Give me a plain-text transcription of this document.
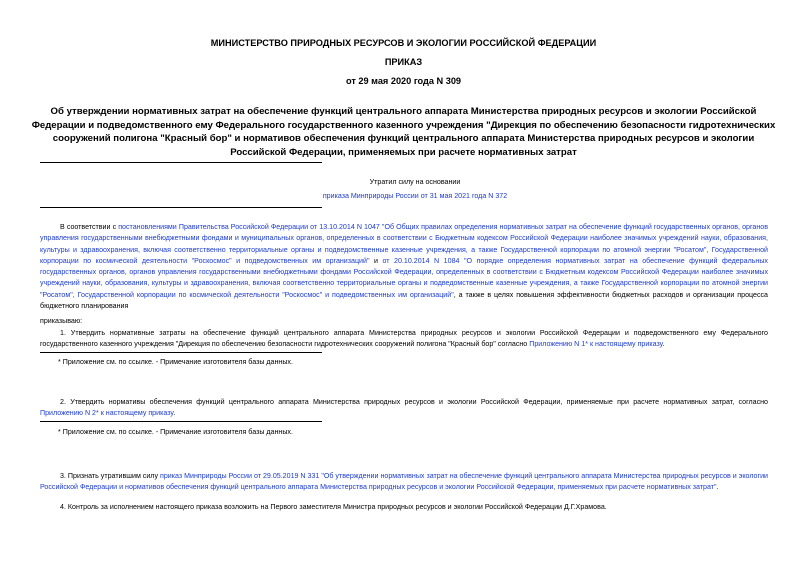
МИНИСТЕРСТВО ПРИРОДНЫХ РЕСУРСОВ И ЭКОЛОГИИ РОССИЙСКОЙ ФЕДЕРАЦИИ
ПРИКАЗ
от 29 мая 2020 года N 309
Об утверждении нормативных затрат на обеспечение функций центрального аппарата Министерства природных ресурсов и экологии Российской Федерации и подведомственного ему Федерального государственного казенного учреждения "Дирекция по обеспечению безопасности гидротехнических сооружений полигона "Красный бор" и нормативов обеспечения функций центрального аппарата Министерства природных ресурсов и экологии Российской Федерации, применяемых при расчете нормативных затрат
Утратил силу на основании
приказа Минприроды России от 31 мая 2021 года N 372
В соответствии с постановлениями Правительства Российской Федерации от 13.10.2014 N 1047 "Об Общих правилах определения нормативных затрат на обеспечение функций государственных органов, органов управления государственными внебюджетными фондами и муниципальных органов, определенных в соответствии с Бюджетным кодексом Российской Федерации наиболее значимых учреждений науки, образования, культуры и здравоохранения, включая соответственно территориальные органы и подведомственные казенные учреждения, а также Государственной корпорации по атомной энергии "Росатом", Государственной корпорации по космической деятельности "Роскосмос" и подведомственных им организаций" и от 20.10.2014 N 1084 "О порядке определения нормативных затрат на обеспечение функций федеральных государственных органов, органов управления государственными внебюджетными фондами Российской Федерации, определенных в соответствии с Бюджетным кодексом Российской Федерации наиболее значимых учреждений науки, образования, культуры и здравоохранения, включая соответственно территориальные органы и подведомственные казенные учреждения, а также Государственной корпорации по атомной энергии "Росатом", Государственной корпорации по космической деятельности "Роскосмос" и подведомственных им организаций", а также в целях повышения эффективности бюджетных расходов и организации процесса бюджетного планирования
приказываю:
1. Утвердить нормативные затраты на обеспечение функций центрального аппарата Министерства природных ресурсов и экологии Российской Федерации и подведомственного ему Федерального государственного казенного учреждения "Дирекция по обеспечению безопасности гидротехнических сооружений полигона "Красный бор" согласно Приложению N 1* к настоящему приказу.
* Приложение см. по ссылке. - Примечание изготовителя базы данных.
2. Утвердить нормативы обеспечения функций центрального аппарата Министерства природных ресурсов и экологии Российской Федерации, применяемые при расчете нормативных затрат, согласно Приложению N 2* к настоящему приказу.
* Приложение см. по ссылке. - Примечание изготовителя базы данных.
3. Признать утратившим силу приказ Минприроды России от 29.05.2019 N 331 "Об утверждении нормативных затрат на обеспечение функций центрального аппарата Министерства природных ресурсов и экологии Российской Федерации и нормативов обеспечения функций центрального аппарата Министерства природных ресурсов и экологии Российской Федерации, применяемых при расчете нормативных затрат".
4. Контроль за исполнением настоящего приказа возложить на Первого заместителя Министра природных ресурсов и экологии Российской Федерации Д.Г.Храмова.
